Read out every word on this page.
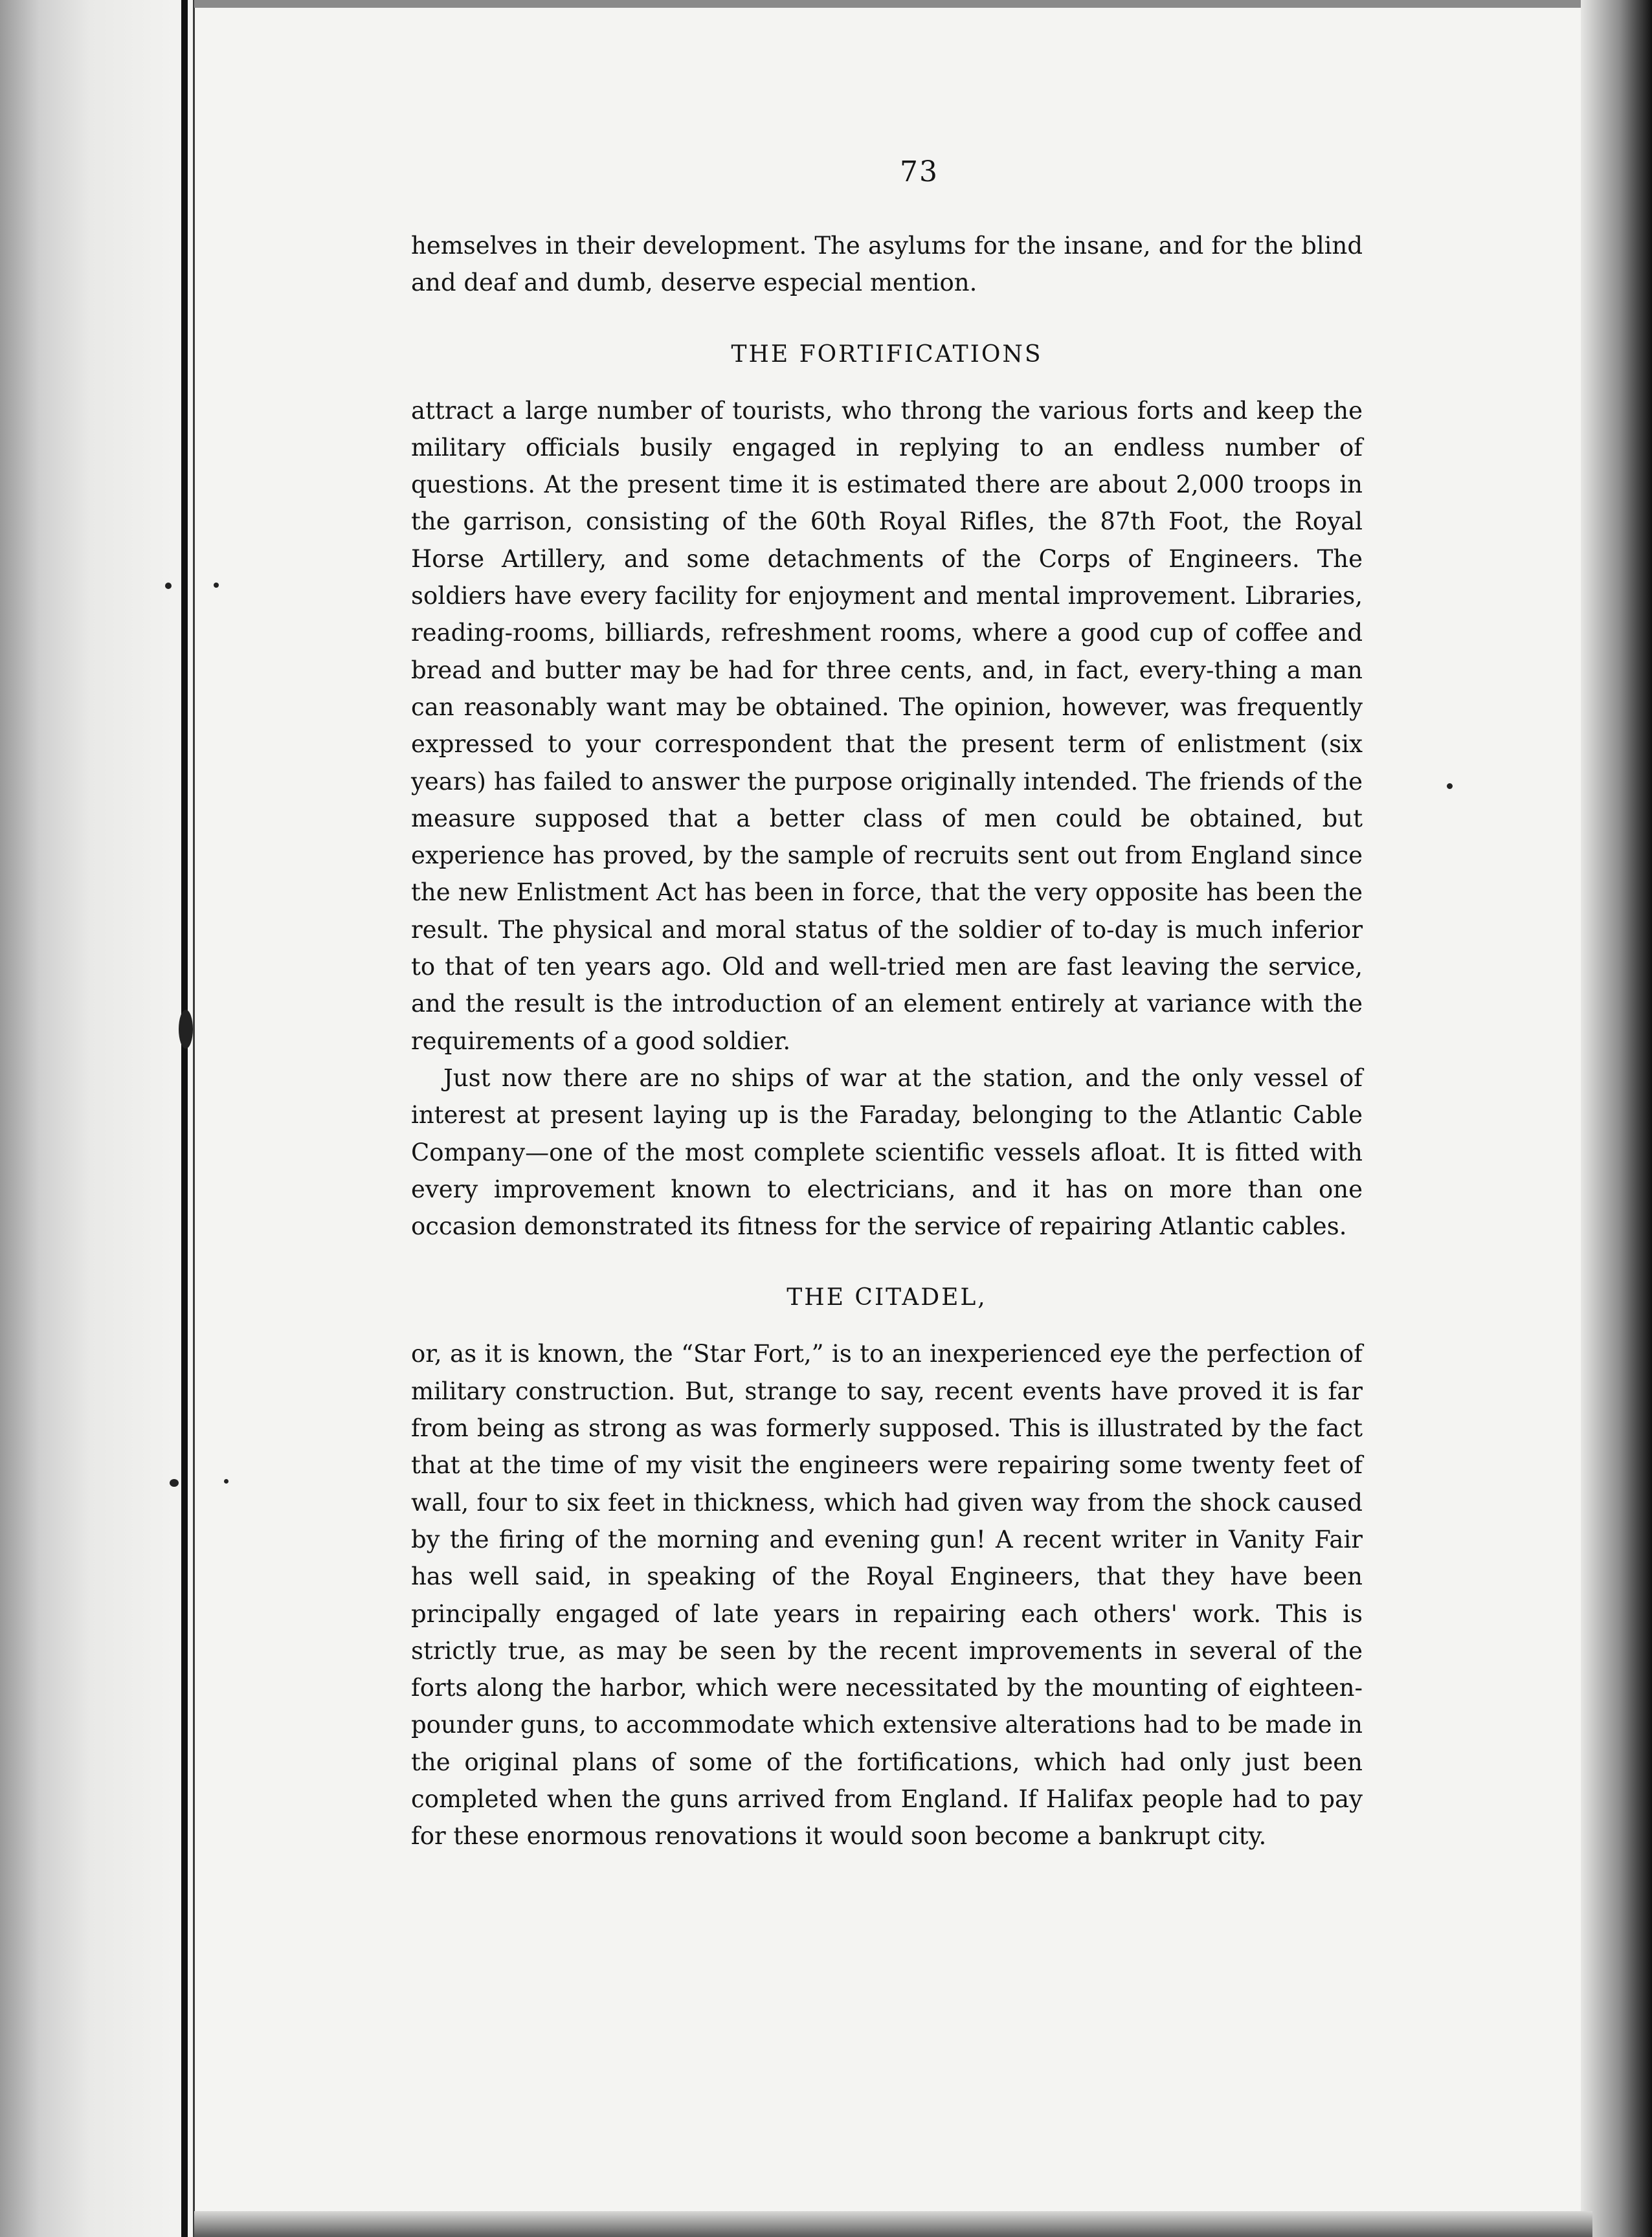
73

hemselves in their development. The asylums for the insane, and for the blind and deaf and dumb, deserve especial mention.

THE FORTIFICATIONS

attract a large number of tourists, who throng the various forts and keep the military officials busily engaged in replying to an endless number of questions. At the present time it is estimated there are about 2,000 troops in the garrison, consisting of the 60th Royal Rifles, the 87th Foot, the Royal Horse Artillery, and some detachments of the Corps of Engineers. The soldiers have every facility for enjoyment and mental improvement. Libraries, reading-rooms, billiards, refreshment rooms, where a good cup of coffee and bread and butter may be had for three cents, and, in fact, every-thing a man can reasonably want may be obtained. The opinion, however, was frequently expressed to your correspondent that the present term of enlistment (six years) has failed to answer the purpose originally intended. The friends of the measure supposed that a better class of men could be obtained, but experience has proved, by the sample of recruits sent out from England since the new Enlistment Act has been in force, that the very opposite has been the result. The physical and moral status of the soldier of to-day is much inferior to that of ten years ago. Old and well-tried men are fast leaving the service, and the result is the introduction of an element entirely at variance with the requirements of a good soldier.

Just now there are no ships of war at the station, and the only vessel of interest at present laying up is the Faraday, belonging to the Atlantic Cable Company—one of the most complete scientific vessels afloat. It is fitted with every improvement known to electricians, and it has on more than one occasion demonstrated its fitness for the service of repairing Atlantic cables.

THE CITADEL,

or, as it is known, the “Star Fort,” is to an inexperienced eye the perfection of military construction. But, strange to say, recent events have proved it is far from being as strong as was formerly supposed. This is illustrated by the fact that at the time of my visit the engineers were repairing some twenty feet of wall, four to six feet in thickness, which had given way from the shock caused by the firing of the morning and evening gun! A recent writer in Vanity Fair has well said, in speaking of the Royal Engineers, that they have been principally engaged of late years in repairing each others' work. This is strictly true, as may be seen by the recent improvements in several of the forts along the harbor, which were necessitated by the mounting of eighteen-pounder guns, to accommodate which extensive alterations had to be made in the original plans of some of the fortifications, which had only just been completed when the guns arrived from England. If Halifax people had to pay for these enormous renovations it would soon become a bankrupt city.
